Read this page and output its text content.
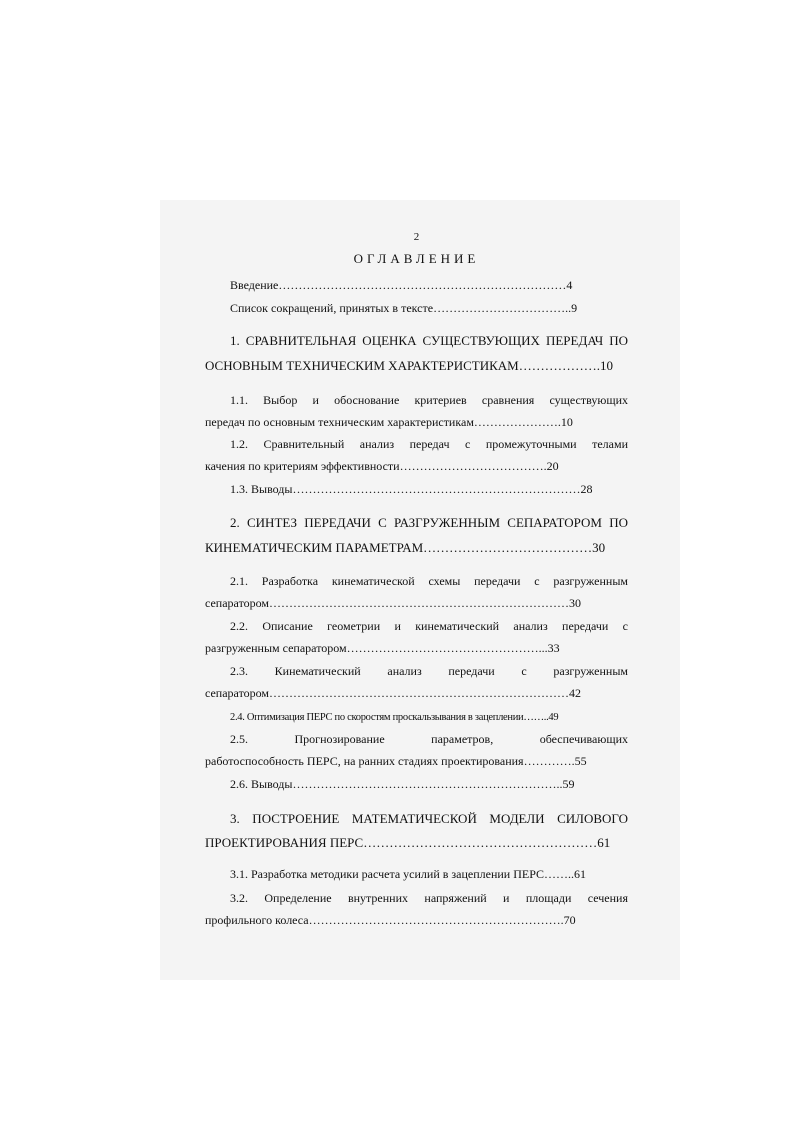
2
ОГЛАВЛЕНИЕ
Введение………………………………………………………………4
Список сокращений, принятых в тексте……………………………..9
1. СРАВНИТЕЛЬНАЯ ОЦЕНКА СУЩЕСТВУЮЩИХ ПЕРЕДАЧ ПО
ОСНОВНЫМ ТЕХНИЧЕСКИМ ХАРАКТЕРИСТИКАМ……………….10
1.1. Выбор и обоснование критериев сравнения существующих
передач по основным техническим характеристикам………………….10
1.2. Сравнительный анализ передач с промежуточными телами
качения по критериям эффективности……………………………….20
1.3. Выводы………………………………………………………………28
2. СИНТЕЗ ПЕРЕДАЧИ С РАЗГРУЖЕННЫМ СЕПАРАТОРОМ ПО
КИНЕМАТИЧЕСКИМ ПАРАМЕТРАМ…………………………………30
2.1. Разработка кинематической схемы передачи с разгруженным
сепаратором…………………………………………………………………30
2.2. Описание геометрии и кинематический анализ передачи с
разгруженным сепаратором…………………………………………...33
2.3. Кинематический анализ передачи с разгруженным
сепаратором…………………………………………………………………42
2.4. Оптимизация ПЕРС по скоростям проскальзывания в зацеплении……..49
2.5. Прогнозирование параметров, обеспечивающих
работоспособность ПЕРС, на ранних стадиях проектирования………….55
2.6. Выводы…………………………………………………………..59
3. ПОСТРОЕНИЕ МАТЕМАТИЧЕСКОЙ МОДЕЛИ СИЛОВОГО
ПРОЕКТИРОВАНИЯ ПЕРС………………………………………………61
3.1. Разработка методики расчета усилий в зацеплении ПЕРС……..61
3.2. Определение внутренних напряжений и площади сечения
профильного колеса……………………………………………………….70
